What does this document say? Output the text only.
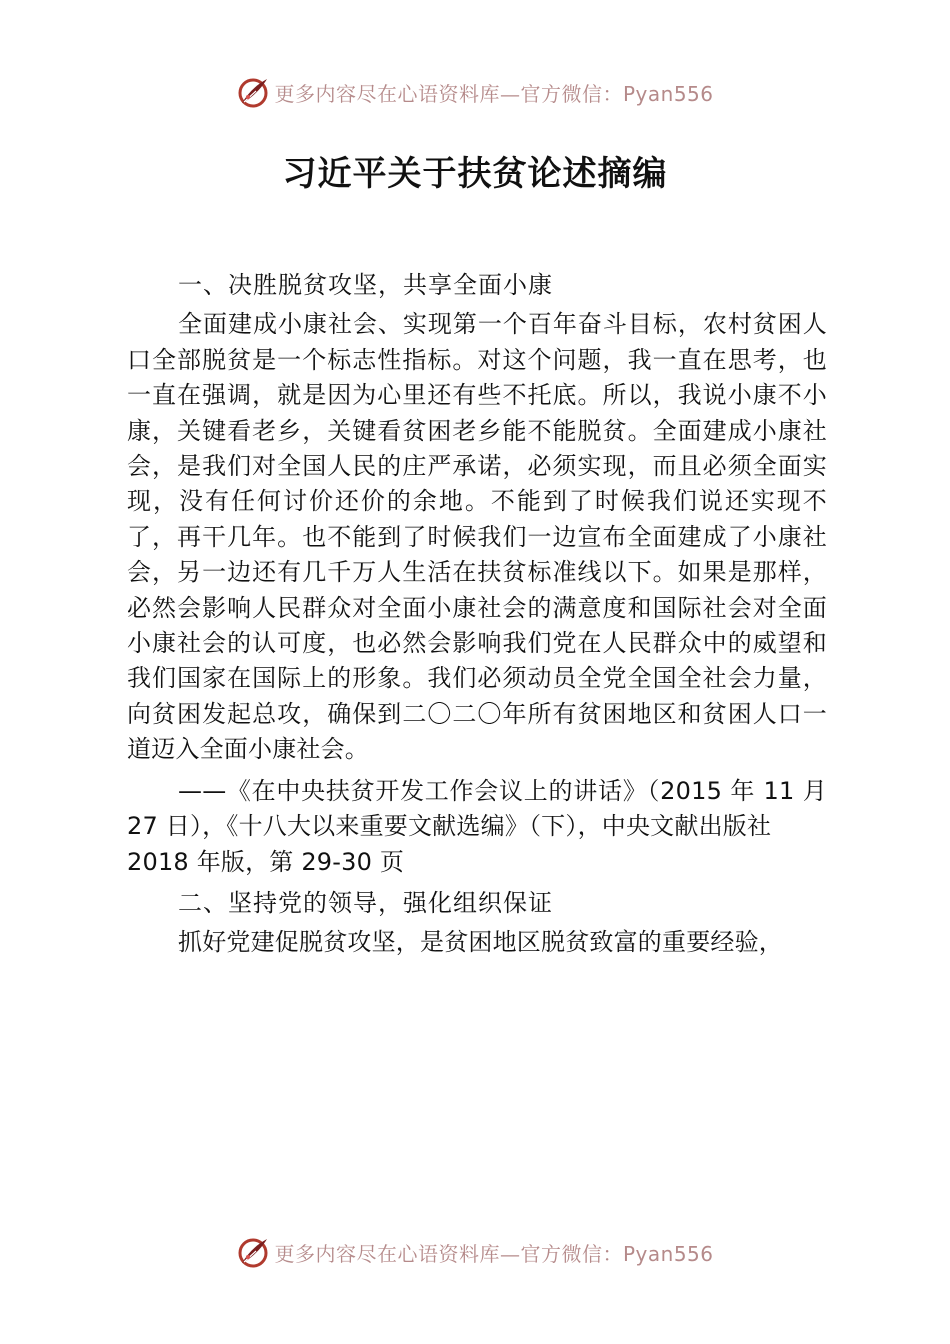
更多内容尽在心语资料库—官方微信：Pyan556
习近平关于扶贫论述摘编

一、决胜脱贫攻坚，共享全面小康

全面建成小康社会、实现第一个百年奋斗目标，农村贫困人口全部脱贫是一个标志性指标。对这个问题，我一直在思考，也一直在强调，就是因为心里还有些不托底。所以，我说小康不小康，关键看老乡，关键看贫困老乡能不能脱贫。全面建成小康社会，是我们对全国人民的庄严承诺，必须实现，而且必须全面实现，没有任何讨价还价的余地。不能到了时候我们说还实现不了，再干几年。也不能到了时候我们一边宣布全面建成了小康社会，另一边还有几千万人生活在扶贫标准线以下。如果是那样，必然会影响人民群众对全面小康社会的满意度和国际社会对全面小康社会的认可度，也必然会影响我们党在人民群众中的威望和我们国家在国际上的形象。我们必须动员全党全国全社会力量，向贫困发起总攻，确保到二〇二〇年所有贫困地区和贫困人口一道迈入全面小康社会。

——《在中央扶贫开发工作会议上的讲话》（2015 年 11 月 27 日），《十八大以来重要文献选编》（下），中央文献出版社

2018 年版，第 29-30 页

二、坚持党的领导，强化组织保证

抓好党建促脱贫攻坚，是贫困地区脱贫致富的重要经验，

更多内容尽在心语资料库—官方微信：Pyan556
